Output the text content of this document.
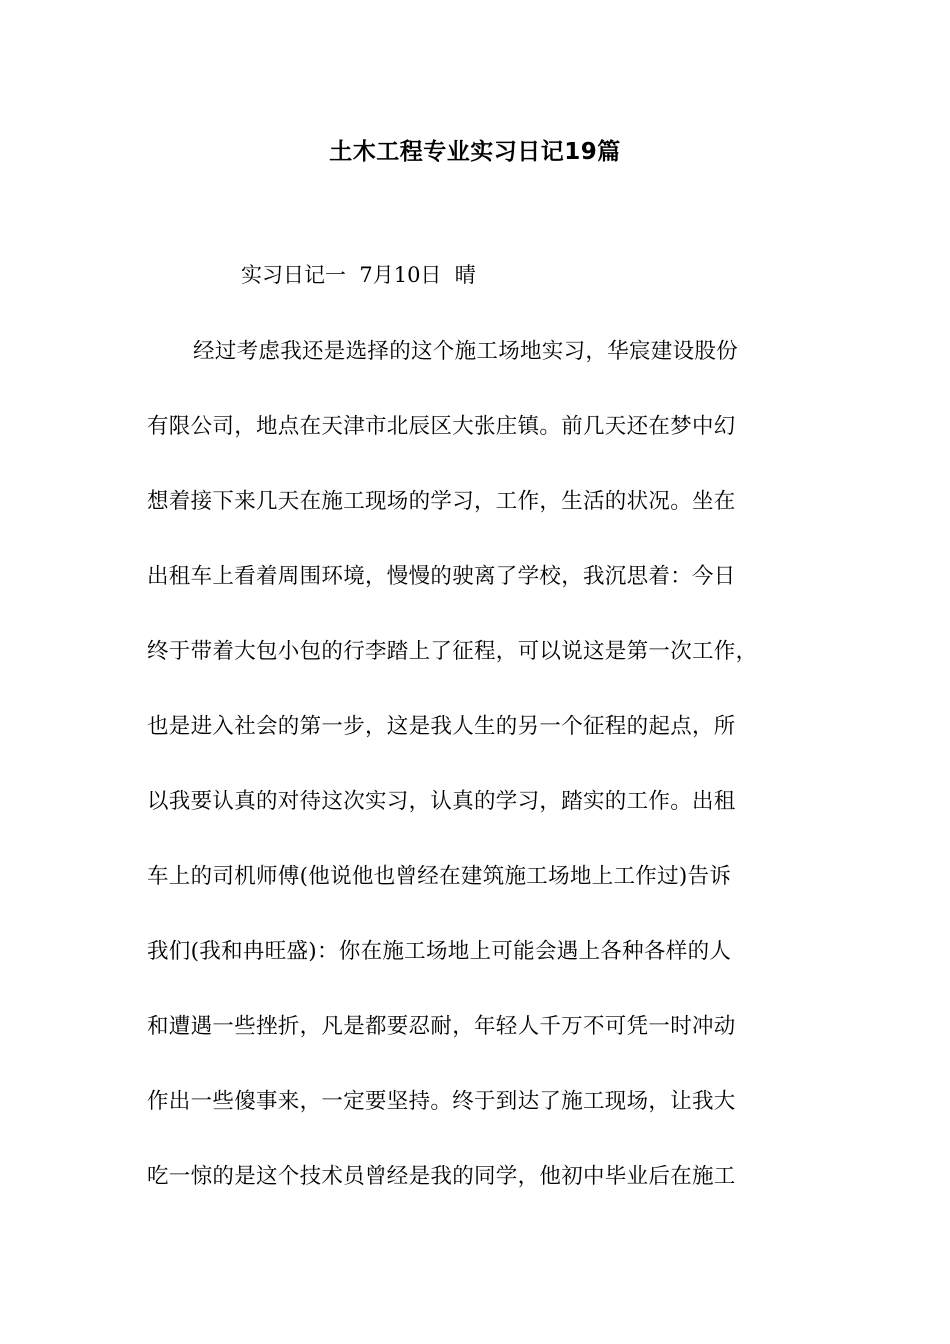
土木工程专业实习日记19篇
实习日记一  7月10日  晴
经过考虑我还是选择的这个施工场地实习，华宸建设股份
有限公司，地点在天津市北辰区大张庄镇。前几天还在梦中幻
想着接下来几天在施工现场的学习，工作，生活的状况。坐在
出租车上看着周围环境，慢慢的驶离了学校，我沉思着：今日
终于带着大包小包的行李踏上了征程，可以说这是第一次工作，
也是进入社会的第一步，这是我人生的另一个征程的起点，所
以我要认真的对待这次实习，认真的学习，踏实的工作。出租
车上的司机师傅(他说他也曾经在建筑施工场地上工作过)告诉
我们(我和冉旺盛)：你在施工场地上可能会遇上各种各样的人
和遭遇一些挫折，凡是都要忍耐，年轻人千万不可凭一时冲动
作出一些傻事来，一定要坚持。终于到达了施工现场，让我大
吃一惊的是这个技术员曾经是我的同学，他初中毕业后在施工
